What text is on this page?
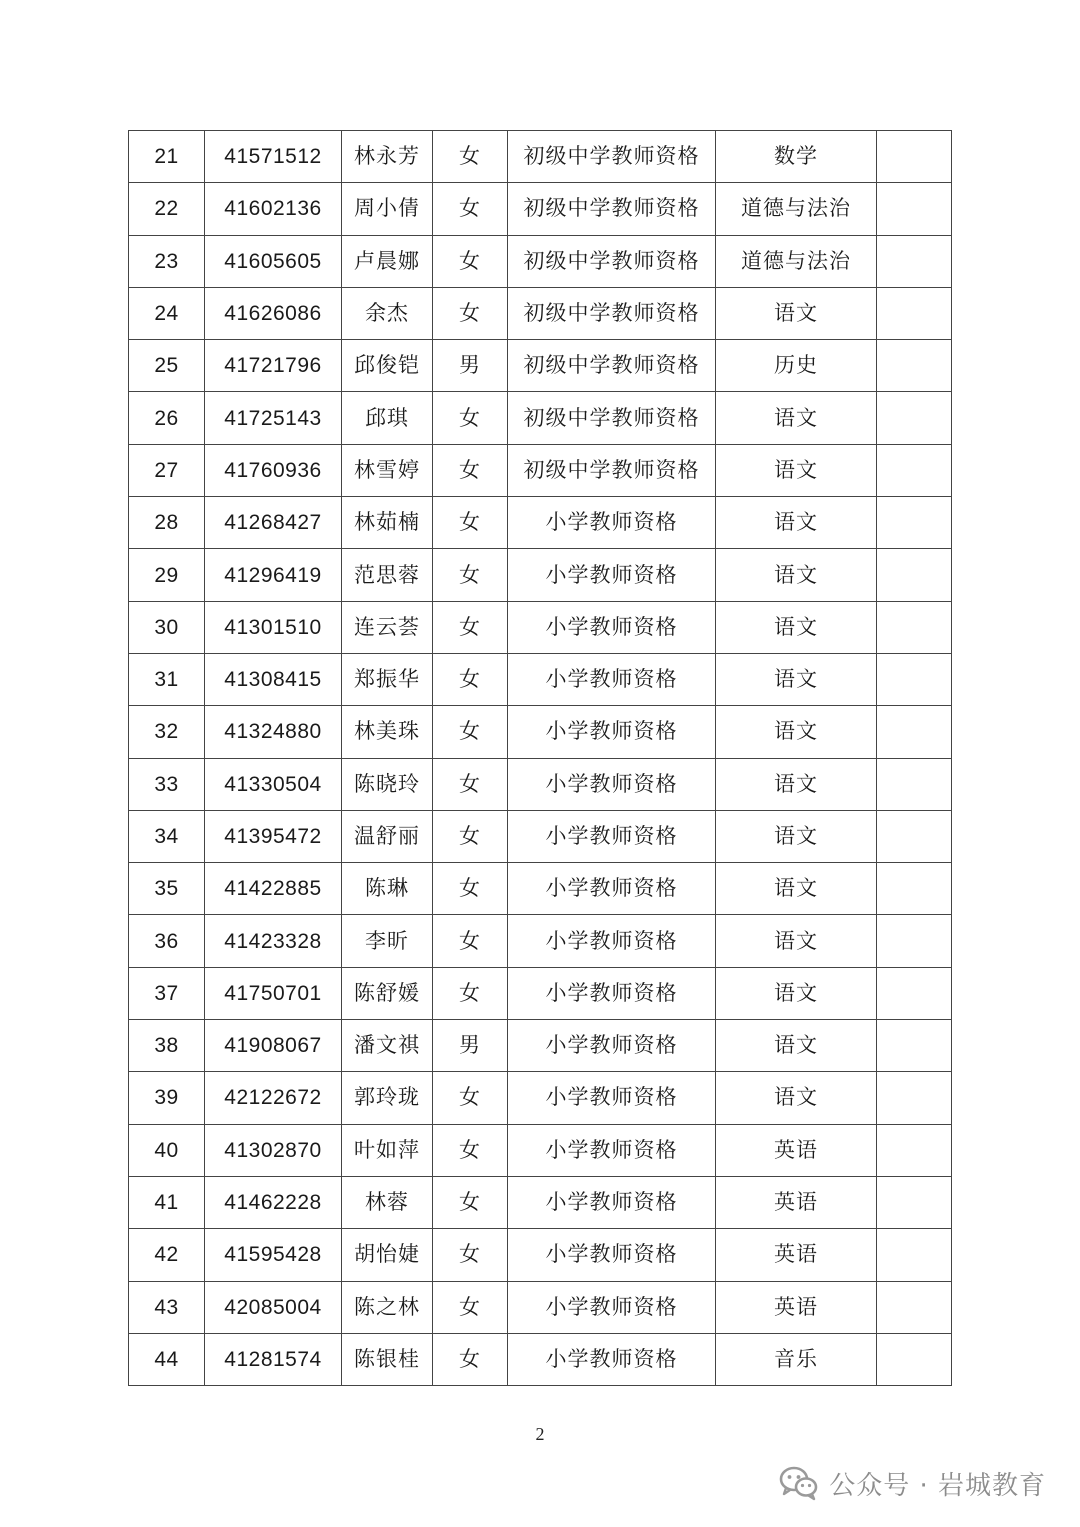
21	41571512	林永芳	女	初级中学教师资格	数学	
22	41602136	周小倩	女	初级中学教师资格	道德与法治	
23	41605605	卢晨娜	女	初级中学教师资格	道德与法治	
24	41626086	余杰	女	初级中学教师资格	语文	
25	41721796	邱俊铠	男	初级中学教师资格	历史	
26	41725143	邱琪	女	初级中学教师资格	语文	
27	41760936	林雪婷	女	初级中学教师资格	语文	
28	41268427	林茹楠	女	小学教师资格	语文	
29	41296419	范思蓉	女	小学教师资格	语文	
30	41301510	连云荟	女	小学教师资格	语文	
31	41308415	郑振华	女	小学教师资格	语文	
32	41324880	林美珠	女	小学教师资格	语文	
33	41330504	陈晓玲	女	小学教师资格	语文	
34	41395472	温舒丽	女	小学教师资格	语文	
35	41422885	陈琳	女	小学教师资格	语文	
36	41423328	李昕	女	小学教师资格	语文	
37	41750701	陈舒媛	女	小学教师资格	语文	
38	41908067	潘文祺	男	小学教师资格	语文	
39	42122672	郭玲珑	女	小学教师资格	语文	
40	41302870	叶如萍	女	小学教师资格	英语	
41	41462228	林蓉	女	小学教师资格	英语	
42	41595428	胡怡婕	女	小学教师资格	英语	
43	42085004	陈之林	女	小学教师资格	英语	
44	41281574	陈银桂	女	小学教师资格	音乐	
2
公众号 · 岩城教育
